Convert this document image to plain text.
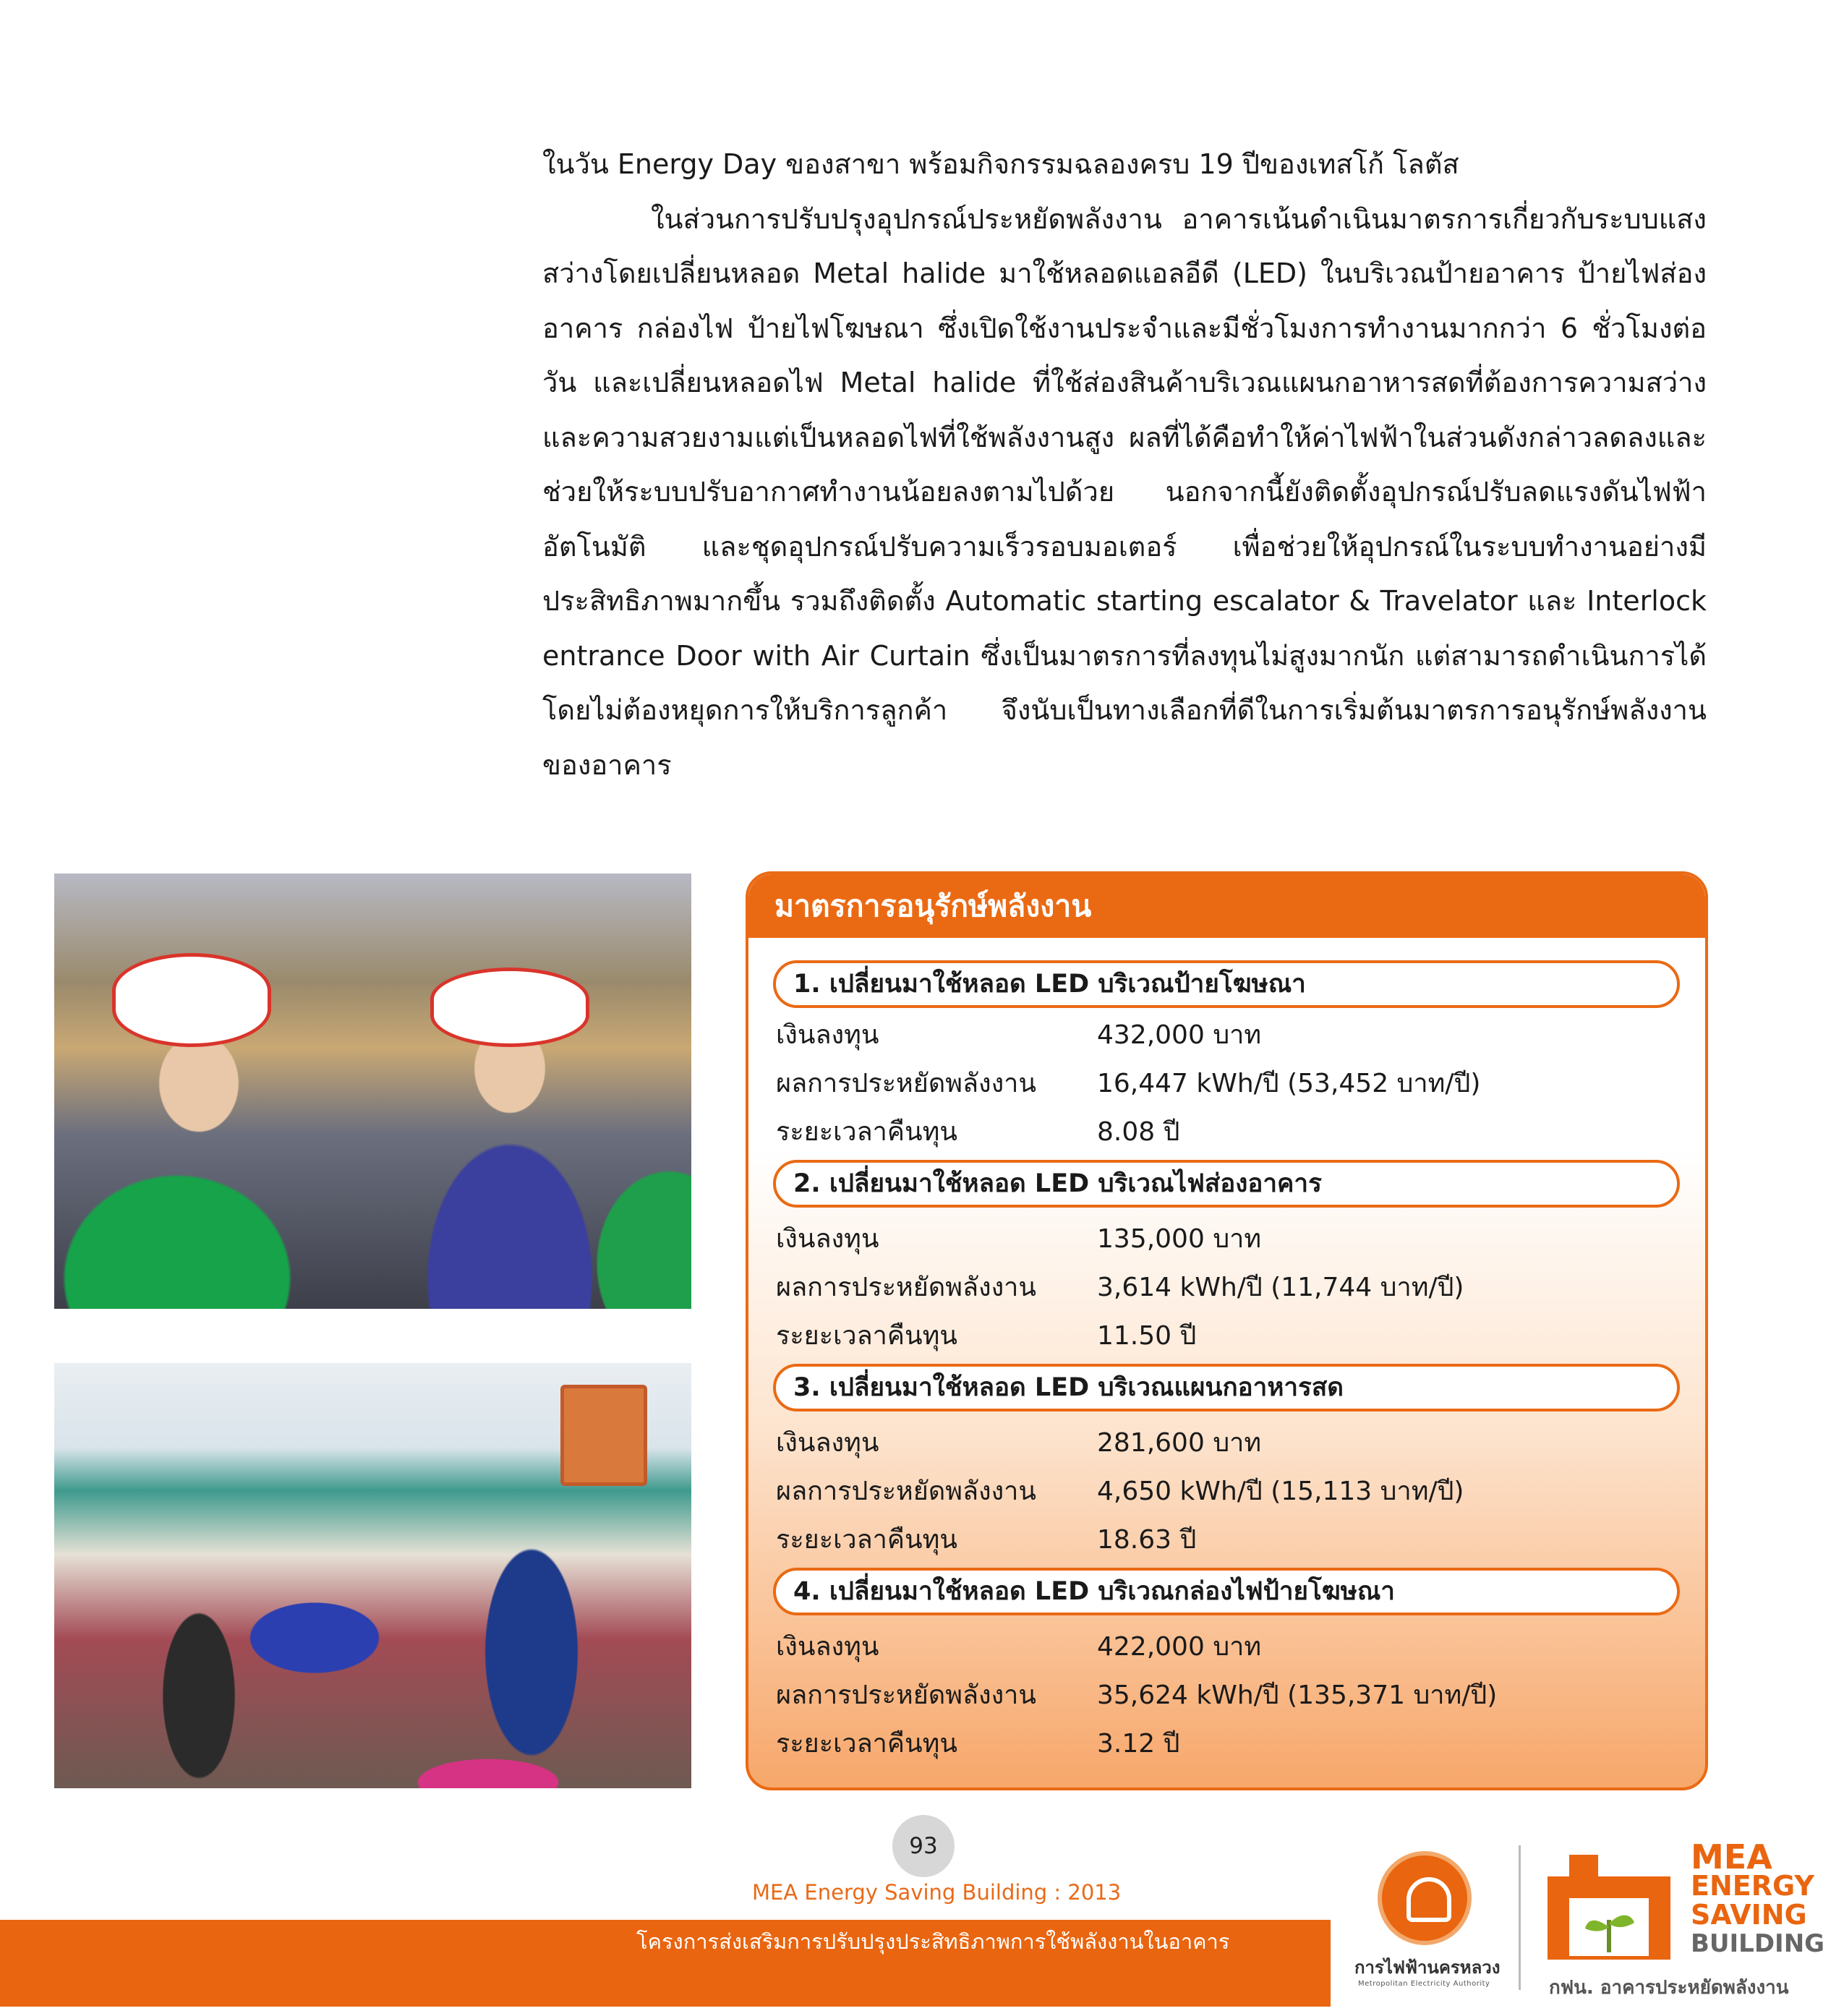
ในวัน Energy Day ของสาขา พร้อมกิจกรรมฉลองครบ 19 ปีของเทสโก้ โลตัส

ในส่วนการปรับปรุงอุปกรณ์ประหยัดพลังงาน อาคารเน้นดำเนินมาตรการเกี่ยวกับระบบแสงสว่างโดยเปลี่ยนหลอด Metal halide มาใช้หลอดแอลอีดี (LED) ในบริเวณป้ายอาคาร ป้ายไฟส่องอาคาร กล่องไฟ ป้ายไฟโฆษณา ซึ่งเปิดใช้งานประจำและมีชั่วโมงการทำงานมากกว่า 6 ชั่วโมงต่อวัน และเปลี่ยนหลอดไฟ Metal halide ที่ใช้ส่องสินค้าบริเวณแผนกอาหารสดที่ต้องการความสว่างและความสวยงามแต่เป็นหลอดไฟที่ใช้พลังงานสูง ผลที่ได้คือทำให้ค่าไฟฟ้าในส่วนดังกล่าวลดลงและช่วยให้ระบบปรับอากาศทำงานน้อยลงตามไปด้วย นอกจากนี้ยังติดตั้งอุปกรณ์ปรับลดแรงดันไฟฟ้าอัตโนมัติ และชุดอุปกรณ์ปรับความเร็วรอบมอเตอร์ เพื่อช่วยให้อุปกรณ์ในระบบทำงานอย่างมีประสิทธิภาพมากขึ้น รวมถึงติดตั้ง Automatic starting escalator & Travelator และ Interlock entrance Door with Air Curtain ซึ่งเป็นมาตรการที่ลงทุนไม่สูงมากนัก แต่สามารถดำเนินการได้โดยไม่ต้องหยุดการให้บริการลูกค้า จึงนับเป็นทางเลือกที่ดีในการเริ่มต้นมาตรการอนุรักษ์พลังงานของอาคาร

มาตรการอนุรักษ์พลังงาน
1. เปลี่ยนมาใช้หลอด LED บริเวณป้ายโฆษณา
เงินลงทุน	432,000 บาท
ผลการประหยัดพลังงาน	16,447 kWh/ปี (53,452 บาท/ปี)
ระยะเวลาคืนทุน	8.08 ปี
2. เปลี่ยนมาใช้หลอด LED บริเวณไฟส่องอาคาร
เงินลงทุน	135,000 บาท
ผลการประหยัดพลังงาน	3,614 kWh/ปี (11,744 บาท/ปี)
ระยะเวลาคืนทุน	11.50 ปี
3. เปลี่ยนมาใช้หลอด LED บริเวณแผนกอาหารสด
เงินลงทุน	281,600 บาท
ผลการประหยัดพลังงาน	4,650 kWh/ปี (15,113 บาท/ปี)
ระยะเวลาคืนทุน	18.63 ปี
4. เปลี่ยนมาใช้หลอด LED บริเวณกล่องไฟป้ายโฆษณา
เงินลงทุน	422,000 บาท
ผลการประหยัดพลังงาน	35,624 kWh/ปี (135,371 บาท/ปี)
ระยะเวลาคืนทุน	3.12 ปี
93
MEA Energy Saving Building : 2013
โครงการส่งเสริมการปรับปรุงประสิทธิภาพการใช้พลังงานในอาคาร
การไฟฟ้านครหลวง
Metropolitan Electricity Authority
MEA
ENERGY
SAVING
BUILDING
กฟน. อาคารประหยัดพลังงาน
